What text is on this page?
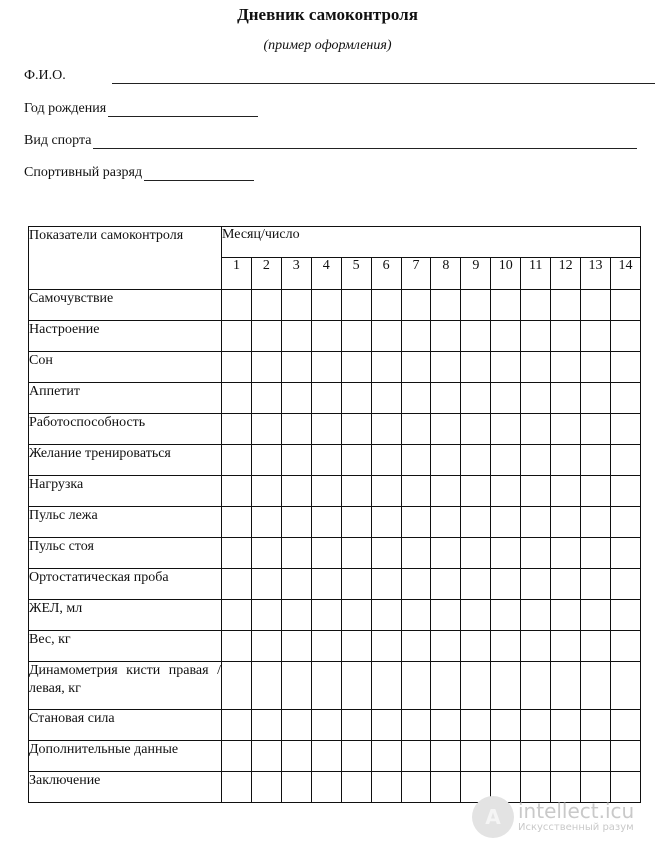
Дневник самоконтроля
(пример оформления)
Ф.И.О.
Год рождения
Вид спорта
Спортивный разряд
Показатели самоконтроля	Месяц/число													
	1	2	3	4	5	6	7	8	9	10	11	12	13	14
Самочувствие														
Настроение														
Сон														
Аппетит														
Работоспособность														
Желание тренироваться														
Нагрузка														
Пульс лежа														
Пульс стоя														
Ортостатическая проба														
ЖЕЛ, мл														
Вес, кг														
Динамометрия кисти правая /левая, кг														
Становая сила														
Дополнительные данные														
Заключение														
A intellect.icu
Искусственный разум
